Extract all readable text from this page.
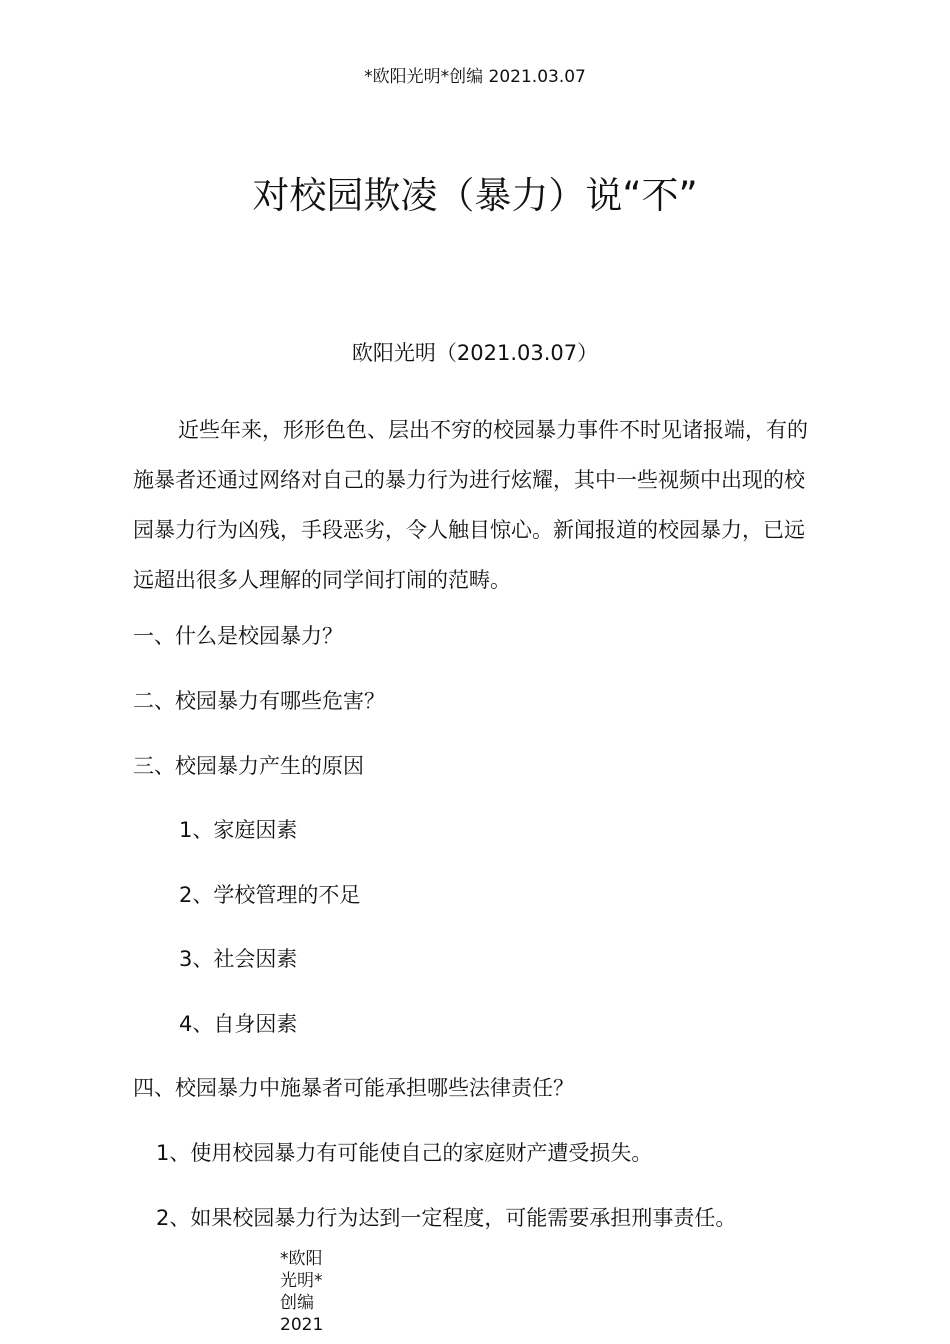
*欧阳光明*创编 2021.03.07
对校园欺凌（暴力）说“不”
欧阳光明（2021.03.07）

近些年来，形形色色、层出不穷的校园暴力事件不时见诸报端，有的施暴者还通过网络对自己的暴力行为进行炫耀，其中一些视频中出现的校园暴力行为凶残，手段恶劣，令人触目惊心。新闻报道的校园暴力，已远远超出很多人理解的同学间打闹的范畴。

一、什么是校园暴力？
二、校园暴力有哪些危害？
三、校园暴力产生的原因
1、家庭因素
2、学校管理的不足
3、社会因素
4、自身因素
四、校园暴力中施暴者可能承担哪些法律责任？
1、使用校园暴力有可能使自己的家庭财产遭受损失。
2、如果校园暴力行为达到一定程度，可能需要承担刑事责任。
*欧阳光明*创编 2021
